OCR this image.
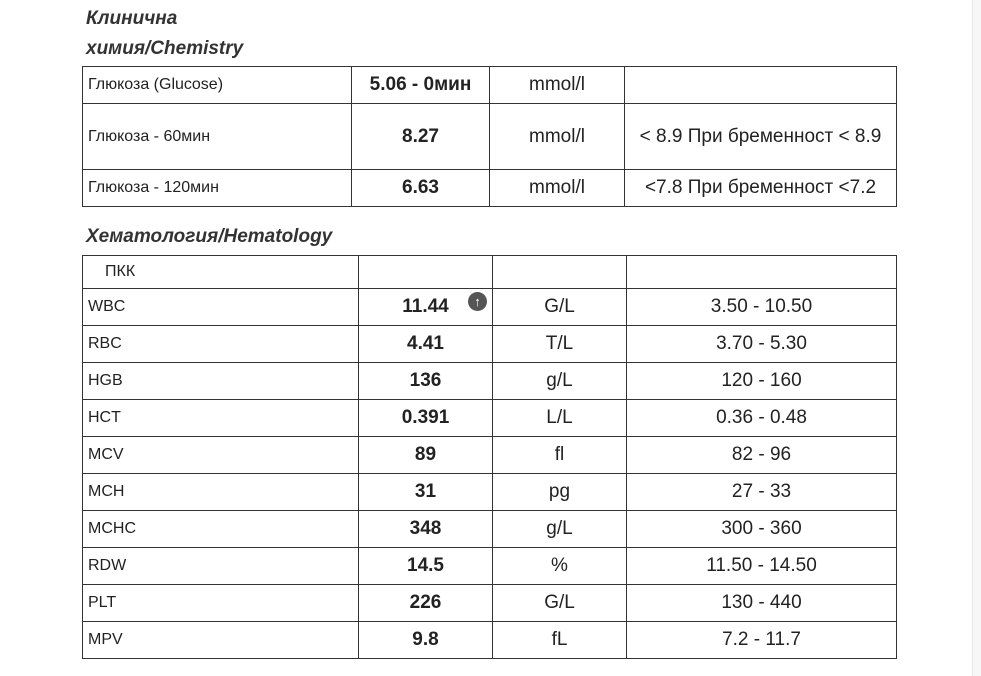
Клинична
химия/Chemistry
Глюкоза (Glucose)	5.06 - 0мин	mmol/l	
Глюкоза - 60мин	8.27	mmol/l	< 8.9 При бременност < 8.9
Глюкоза - 120мин	6.63	mmol/l	<7.8 При бременност <7.2
Хематология/Hematology
ПКК			
WBC	11.44 ↑	G/L	3.50 - 10.50
RBC	4.41	T/L	3.70 - 5.30
HGB	136	g/L	120 - 160
HCT	0.391	L/L	0.36 - 0.48
MCV	89	fl	82 - 96
MCH	31	pg	27 - 33
MCHC	348	g/L	300 - 360
RDW	14.5	%	11.50 - 14.50
PLT	226	G/L	130 - 440
MPV	9.8	fL	7.2 - 11.7
